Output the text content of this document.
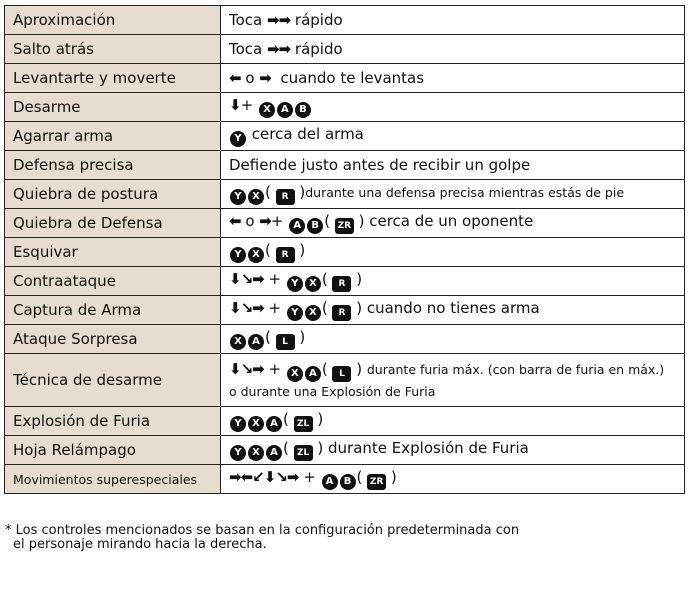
Aproximación	Toca ➡➡ rápido
Salto atrás	Toca ➡➡ rápido
Levantarte y moverte	⬅ o ➡  cuando te levantas
Desarme	⬇+ X A B
Agarrar arma	Y cerca del arma
Defensa precisa	Defiende justo antes de recibir un golpe
Quiebra de postura	Y X ( R )durante una defensa precisa mientras estás de pie
Quiebra de Defensa	⬅ o ➡+ A B ( ZR ) cerca de un oponente
Esquivar	Y X ( R )
Contraataque	⬇↘➡ + Y X ( R )
Captura de Arma	⬇↘➡ + Y X ( R ) cuando no tienes arma
Ataque Sorpresa	X A ( L )
Técnica de desarme	⬇↘➡ + X A ( L ) durante furia máx. (con barra de furia en máx.)
o durante una Explosión de Furia
Explosión de Furia	Y X A ( ZL )
Hoja Relámpago	Y X A ( ZL ) durante Explosión de Furia
Movimientos superespeciales	➡⬅↙⬇↘➡ + A B ( ZR )
* Los controles mencionados se basan en la configuración predeterminada con
el personaje mirando hacia la derecha.
